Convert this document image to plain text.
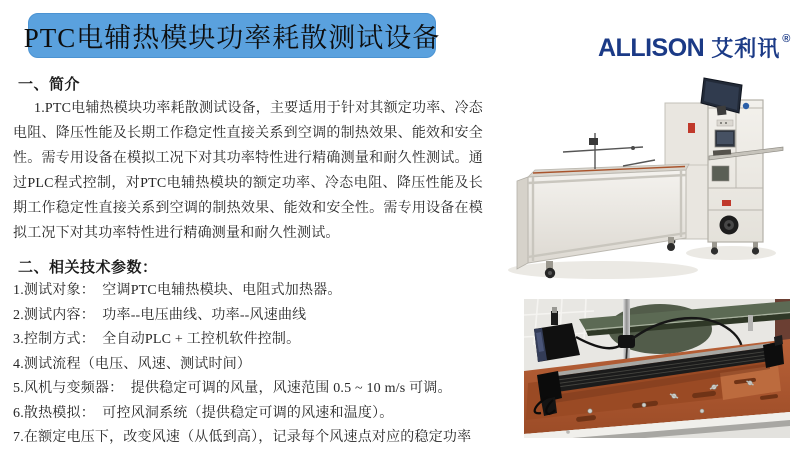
PTC电辅热模块功率耗散测试设备	ALLISON 艾利讯 ®
一、简介

1.PTC电辅热模块功率耗散测试设备，主要适用于针对其额定功率、冷态电阻、降压性能及长期工作稳定性直接关系到空调的制热效果、能效和安全性。需专用设备在模拟工况下对其功率特性进行精确测量和耐久性测试。通过PLC程式控制，对PTC电辅热模块的额定功率、冷态电阻、降压性能及长期工作稳定性直接关系到空调的制热效果、能效和安全性。需专用设备在模拟工况下对其功率特性进行精确测量和耐久性测试。

二、相关技术参数：
1.测试对象：  空调PTC电辅热模块、电阻式加热器。
2.测试内容：  功率--电压曲线、功率--风速曲线
3.控制方式：  全自动PLC + 工控机软件控制。
4.测试流程（电压、风速、测试时间）
5.风机与变频器：  提供稳定可调的风量，风速范围 0.5 ~ 10 m/s 可调。
6.散热模拟：  可控风洞系统（提供稳定可调的风速和温度）。
7.在额定电压下，改变风速（从低到高），记录每个风速点对应的稳定功率
